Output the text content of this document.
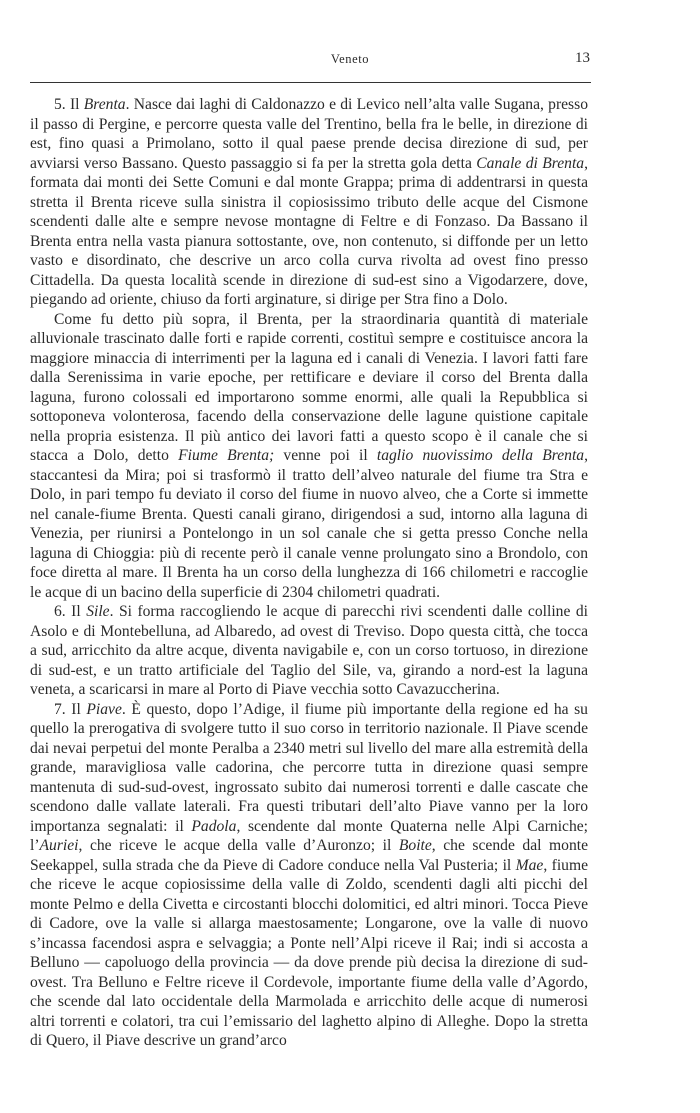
Veneto	13

5. Il Brenta. Nasce dai laghi di Caldonazzo e di Levico nell’alta valle Sugana, presso il passo di Pergine, e percorre questa valle del Trentino, bella fra le belle, in direzione di est, fino quasi a Primolano, sotto il qual paese prende decisa direzione di sud, per avviarsi verso Bassano. Questo passaggio si fa per la stretta gola detta Canale di Brenta, formata dai monti dei Sette Comuni e dal monte Grappa; prima di addentrarsi in questa stretta il Brenta riceve sulla sinistra il copiosissimo tributo delle acque del Cismone scendenti dalle alte e sempre nevose montagne di Feltre e di Fonzaso. Da Bassano il Brenta entra nella vasta pianura sottostante, ove, non contenuto, si diffonde per un letto vasto e disordinato, che descrive un arco colla curva rivolta ad ovest fino presso Cittadella. Da questa località scende in direzione di sud-est sino a Vigodarzere, dove, piegando ad oriente, chiuso da forti arginature, si dirige per Stra fino a Dolo.

Come fu detto più sopra, il Brenta, per la straordinaria quantità di materiale alluvionale trascinato dalle forti e rapide correnti, costituì sempre e costituisce ancora la maggiore minaccia di interrimenti per la laguna ed i canali di Venezia. I lavori fatti fare dalla Serenissima in varie epoche, per rettificare e deviare il corso del Brenta dalla laguna, furono colossali ed importarono somme enormi, alle quali la Repubblica si sottoponeva volonterosa, facendo della conservazione delle lagune quistione capitale nella propria esistenza. Il più antico dei lavori fatti a questo scopo è il canale che si stacca a Dolo, detto Fiume Brenta; venne poi il taglio nuovissimo della Brenta, staccantesi da Mira; poi si trasformò il tratto dell’alveo naturale del fiume tra Stra e Dolo, in pari tempo fu deviato il corso del fiume in nuovo alveo, che a Corte si immette nel canale-fiume Brenta. Questi canali girano, dirigendosi a sud, intorno alla laguna di Venezia, per riunirsi a Pontelongo in un sol canale che si getta presso Conche nella laguna di Chioggia: più di recente però il canale venne prolungato sino a Brondolo, con foce diretta al mare. Il Brenta ha un corso della lunghezza di 166 chilometri e raccoglie le acque di un bacino della superficie di 2304 chilometri quadrati.

6. Il Sile. Si forma raccogliendo le acque di parecchi rivi scendenti dalle colline di Asolo e di Montebelluna, ad Albaredo, ad ovest di Treviso. Dopo questa città, che tocca a sud, arricchito da altre acque, diventa navigabile e, con un corso tortuoso, in direzione di sud-est, e un tratto artificiale del Taglio del Sile, va, girando a nord-est la laguna veneta, a scaricarsi in mare al Porto di Piave vecchia sotto Cavazuccherina.

7. Il Piave. È questo, dopo l’Adige, il fiume più importante della regione ed ha su quello la prerogativa di svolgere tutto il suo corso in territorio nazionale. Il Piave scende dai nevai perpetui del monte Peralba a 2340 metri sul livello del mare alla estremità della grande, maravigliosa valle cadorina, che percorre tutta in direzione quasi sempre mantenuta di sud-sud-ovest, ingrossato subito dai numerosi torrenti e dalle cascate che scendono dalle vallate laterali. Fra questi tributari dell’alto Piave vanno per la loro importanza segnalati: il Padola, scendente dal monte Quaterna nelle Alpi Carniche; l’Auriei, che riceve le acque della valle d’Auronzo; il Boite, che scende dal monte Seekappel, sulla strada che da Pieve di Cadore conduce nella Val Pusteria; il Mae, fiume che riceve le acque copiosissime della valle di Zoldo, scendenti dagli alti picchi del monte Pelmo e della Civetta e circostanti blocchi dolomitici, ed altri minori. Tocca Pieve di Cadore, ove la valle si allarga maestosamente; Longarone, ove la valle di nuovo s’incassa facendosi aspra e selvaggia; a Ponte nell’Alpi riceve il Rai; indi si accosta a Belluno — capoluogo della provincia — da dove prende più decisa la direzione di sud-ovest. Tra Belluno e Feltre riceve il Cordevole, importante fiume della valle d’Agordo, che scende dal lato occidentale della Marmolada e arricchito delle acque di numerosi altri torrenti e colatori, tra cui l’emissario del laghetto alpino di Alleghe. Dopo la stretta di Quero, il Piave descrive un grand’arco
